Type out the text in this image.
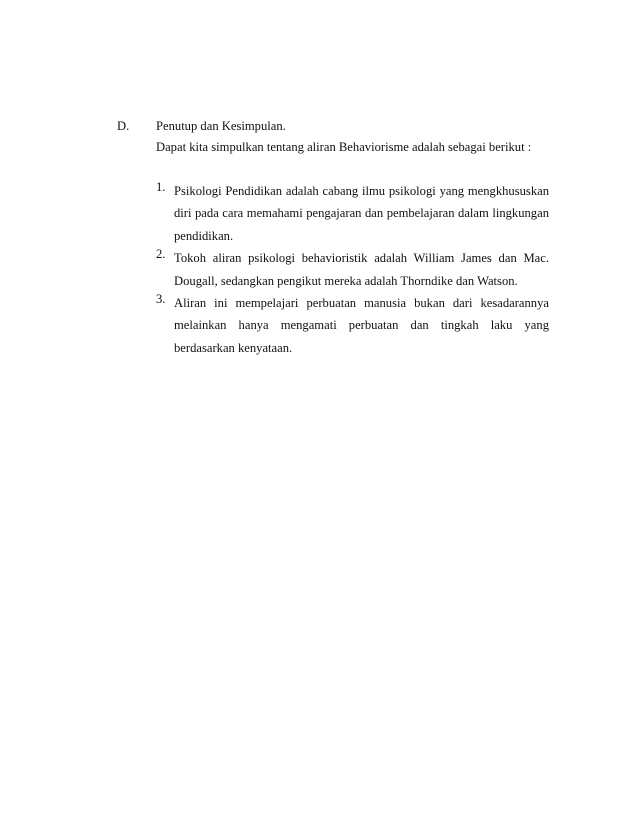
D. Penutup dan Kesimpulan.
Dapat kita simpulkan tentang aliran Behaviorisme adalah sebagai berikut :
1. Psikologi Pendidikan adalah cabang ilmu psikologi yang mengkhususkan diri pada cara memahami pengajaran dan pembelajaran dalam lingkungan pendidikan.
2. Tokoh aliran psikologi behavioristik adalah William James dan Mac. Dougall, sedangkan pengikut mereka adalah Thorndike dan Watson.
3. Aliran ini mempelajari perbuatan manusia bukan dari kesadarannya melainkan hanya mengamati perbuatan dan tingkah laku yang berdasarkan kenyataan.
